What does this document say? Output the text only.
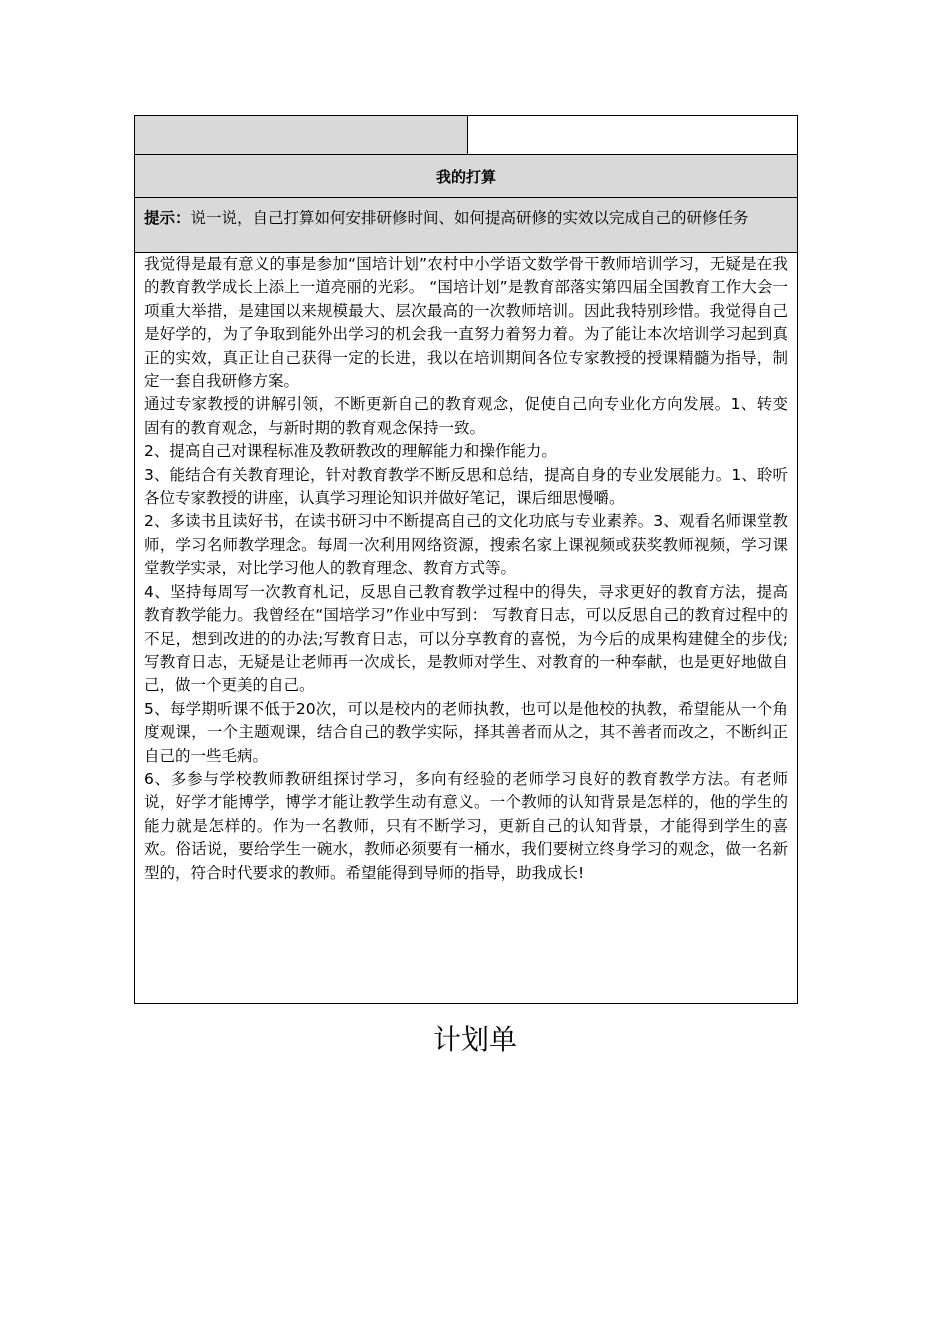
我的打算

提示：说一说，自己打算如何安排研修时间、如何提高研修的实效以完成自己的研修任务

我觉得是最有意义的事是参加“国培计划”农村中小学语文数学骨干教师培训学习，无疑是在我的教育教学成长上添上一道亮丽的光彩。 “国培计划”是教育部落实第四届全国教育工作大会一项重大举措，是建国以来规模最大、层次最高的一次教师培训。因此我特别珍惜。我觉得自己是好学的，为了争取到能外出学习的机会我一直努力着努力着。为了能让本次培训学习起到真正的实效，真正让自己获得一定的长进，我以在培训期间各位专家教授的授课精髓为指导，制定一套自我研修方案。

通过专家教授的讲解引领，不断更新自己的教育观念，促使自己向专业化方向发展。1、转变固有的教育观念，与新时期的教育观念保持一致。

2、提高自己对课程标准及教研教改的理解能力和操作能力。

3、能结合有关教育理论，针对教育教学不断反思和总结，提高自身的专业发展能力。1、聆听各位专家教授的讲座，认真学习理论知识并做好笔记，课后细思慢嚼。

2、多读书且读好书，在读书研习中不断提高自己的文化功底与专业素养。3、观看名师课堂教师，学习名师教学理念。每周一次利用网络资源，搜索名家上课视频或获奖教师视频，学习课堂教学实录，对比学习他人的教育理念、教育方式等。

4、坚持每周写一次教育札记，反思自己教育教学过程中的得失，寻求更好的教育方法，提高教育教学能力。我曾经在“国培学习”作业中写到： 写教育日志，可以反思自己的教育过程中的不足，想到改进的的办法;写教育日志，可以分享教育的喜悦，为今后的成果构建健全的步伐;写教育日志，无疑是让老师再一次成长，是教师对学生、对教育的一种奉献，也是更好地做自己，做一个更美的自己。

5、每学期听课不低于20次，可以是校内的老师执教，也可以是他校的执教，希望能从一个角度观课，一个主题观课，结合自己的教学实际，择其善者而从之，其不善者而改之，不断纠正自己的一些毛病。

6、多参与学校教师教研组探讨学习，多向有经验的老师学习良好的教育教学方法。有老师说，好学才能博学，博学才能让教学生动有意义。一个教师的认知背景是怎样的，他的学生的能力就是怎样的。作为一名教师，只有不断学习，更新自己的认知背景，才能得到学生的喜欢。俗话说，要给学生一碗水，教师必须要有一桶水，我们要树立终身学习的观念，做一名新型的，符合时代要求的教师。希望能得到导师的指导，助我成长!

计划单
